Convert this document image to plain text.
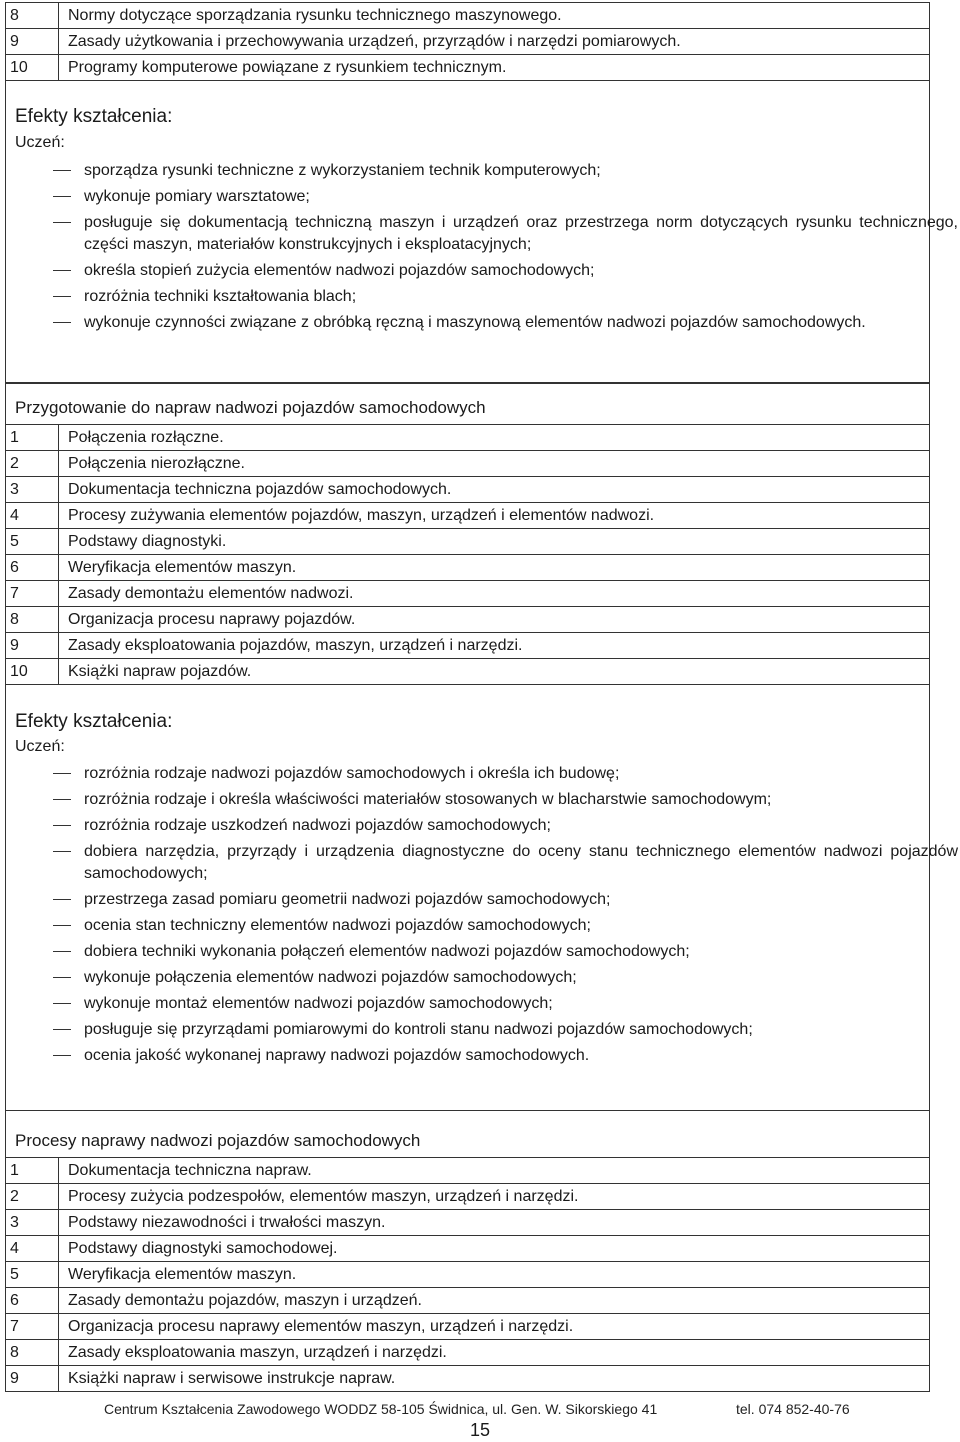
8	Normy dotyczące sporządzania rysunku technicznego maszynowego.
9	Zasady użytkowania i przechowywania urządzeń, przyrządów i narzędzi pomiarowych.
10	Programy komputerowe powiązane z rysunkiem technicznym.
Efekty kształcenia:
Uczeń:
sporządza rysunki techniczne z wykorzystaniem technik komputerowych;
wykonuje pomiary warsztatowe;
posługuje się dokumentacją techniczną maszyn i urządzeń oraz przestrzega norm dotyczących rysunku technicznego, części maszyn, materiałów konstrukcyjnych i eksploatacyjnych;
określa stopień zużycia elementów nadwozi pojazdów samochodowych;
rozróżnia techniki kształtowania blach;
wykonuje czynności związane z obróbką ręczną i maszynową elementów nadwozi pojazdów samochodowych.
Przygotowanie do napraw nadwozi pojazdów samochodowych
1	Połączenia rozłączne.
2	Połączenia nierozłączne.
3	Dokumentacja techniczna pojazdów samochodowych.
4	Procesy zużywania elementów pojazdów, maszyn, urządzeń i elementów nadwozi.
5	Podstawy diagnostyki.
6	Weryfikacja elementów maszyn.
7	Zasady demontażu elementów nadwozi.
8	Organizacja procesu naprawy pojazdów.
9	Zasady eksploatowania pojazdów, maszyn, urządzeń i narzędzi.
10	Książki napraw pojazdów.
Efekty kształcenia:
Uczeń:
rozróżnia rodzaje nadwozi pojazdów samochodowych i określa ich budowę;
rozróżnia rodzaje i określa właściwości materiałów stosowanych w blacharstwie samochodowym;
rozróżnia rodzaje uszkodzeń nadwozi pojazdów samochodowych;
dobiera narzędzia, przyrządy i urządzenia diagnostyczne do oceny stanu technicznego elementów nadwozi pojazdów samochodowych;
przestrzega zasad pomiaru geometrii nadwozi pojazdów samochodowych;
ocenia stan techniczny elementów nadwozi pojazdów samochodowych;
dobiera techniki wykonania połączeń elementów nadwozi pojazdów samochodowych;
wykonuje połączenia elementów nadwozi pojazdów samochodowych;
wykonuje montaż elementów nadwozi pojazdów samochodowych;
posługuje się przyrządami pomiarowymi do kontroli stanu nadwozi pojazdów samochodowych;
ocenia jakość wykonanej naprawy nadwozi pojazdów samochodowych.
Procesy naprawy nadwozi pojazdów samochodowych
1	Dokumentacja techniczna napraw.
2	Procesy zużycia podzespołów, elementów maszyn, urządzeń i narzędzi.
3	Podstawy niezawodności i trwałości maszyn.
4	Podstawy diagnostyki samochodowej.
5	Weryfikacja elementów maszyn.
6	Zasady demontażu pojazdów, maszyn i urządzeń.
7	Organizacja procesu naprawy elementów maszyn, urządzeń i narzędzi.
8	Zasady eksploatowania maszyn, urządzeń i narzędzi.
9	Książki napraw i serwisowe instrukcje napraw.
Centrum Kształcenia Zawodowego WODDZ 58-105 Świdnica, ul. Gen. W. Sikorskiego 41	tel. 074 852-40-76
15
